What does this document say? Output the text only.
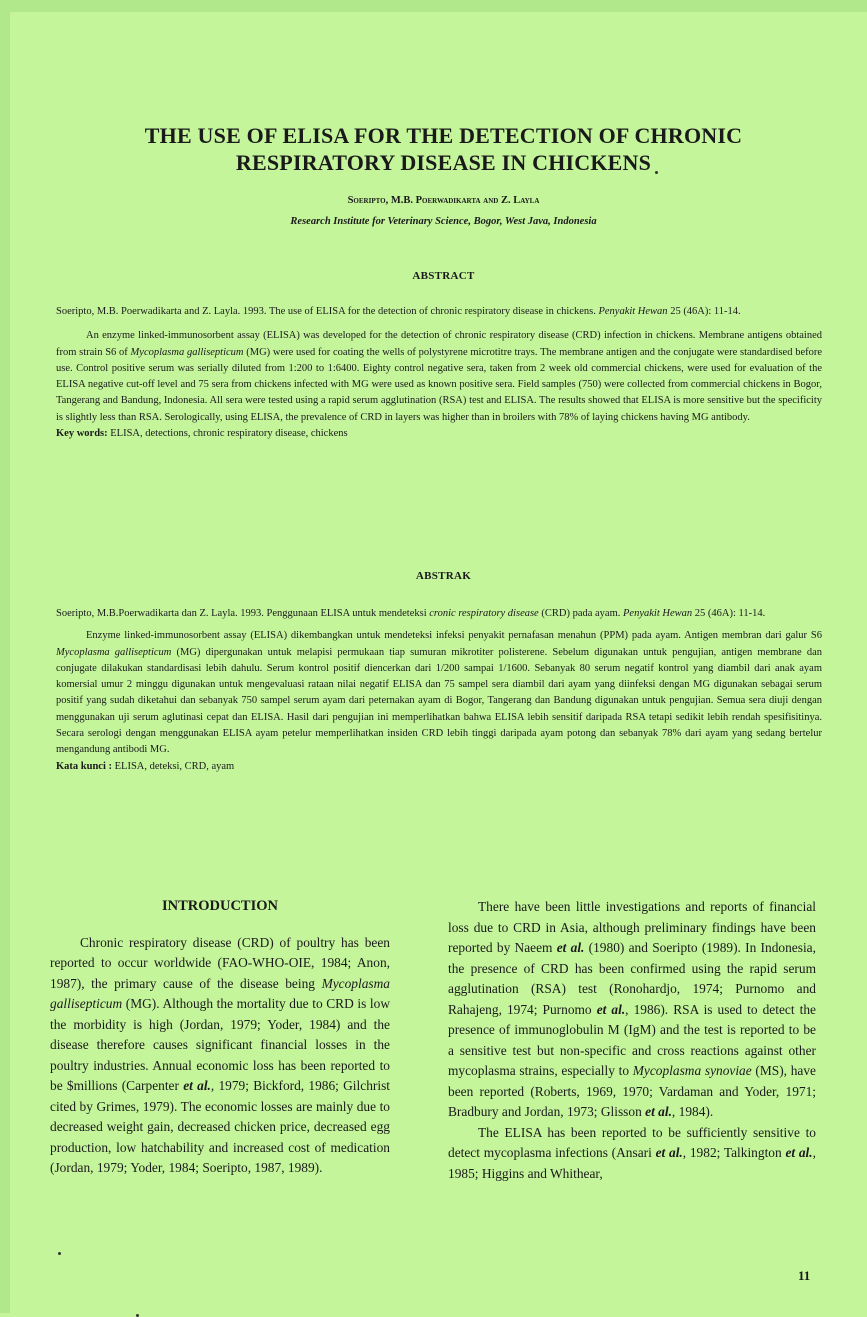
THE USE OF ELISA FOR THE DETECTION OF CHRONIC
RESPIRATORY DISEASE IN CHICKENS
Soeripto, M.B. Poerwadikarta and Z. Layla
Research Institute for Veterinary Science, Bogor, West Java, Indonesia
ABSTRACT

Soeripto, M.B. Poerwadikarta and Z. Layla. 1993. The use of ELISA for the detection of chronic respiratory disease in chickens. Penyakit Hewan 25 (46A): 11-14.

An enzyme linked-immunosorbent assay (ELISA) was developed for the detection of chronic respiratory disease (CRD) infection in chickens. Membrane antigens obtained from strain S6 of Mycoplasma gallisepticum (MG) were used for coating the wells of polystyrene microtitre trays. The membrane antigen and the conjugate were standardised before use. Control positive serum was serially diluted from 1:200 to 1:6400. Eighty control negative sera, taken from 2 week old commercial chickens, were used for evaluation of the ELISA negative cut-off level and 75 sera from chickens infected with MG were used as known positive sera. Field samples (750) were collected from commercial chickens in Bogor, Tangerang and Bandung, Indonesia. All sera were tested using a rapid serum agglutination (RSA) test and ELISA. The results showed that ELISA is more sensitive but the specificity is slightly less than RSA. Serologically, using ELISA, the prevalence of CRD in layers was higher than in broilers with 78% of laying chickens having MG antibody.

Key words: ELISA, detections, chronic respiratory disease, chickens

ABSTRAK

Soeripto, M.B.Poerwadikarta dan Z. Layla. 1993. Penggunaan ELISA untuk mendeteksi cronic respiratory disease (CRD) pada ayam. Penyakit Hewan 25 (46A): 11-14.

Enzyme linked-immunosorbent assay (ELISA) dikembangkan untuk mendeteksi infeksi penyakit pernafasan menahun (PPM) pada ayam. Antigen membran dari galur S6 Mycoplasma gallisepticum (MG) dipergunakan untuk melapisi permukaan tiap sumuran mikrotiter polisterene. Sebelum digunakan untuk pengujian, antigen membrane dan conjugate dilakukan standardisasi lebih dahulu. Serum kontrol positif diencerkan dari 1/200 sampai 1/1600. Sebanyak 80 serum negatif kontrol yang diambil dari anak ayam komersial umur 2 minggu digunakan untuk mengevaluasi rataan nilai negatif ELISA dan 75 sampel sera diambil dari ayam yang diinfeksi dengan MG digunakan sebagai serum positif yang sudah diketahui dan sebanyak 750 sampel serum ayam dari peternakan ayam di Bogor, Tangerang dan Bandung digunakan untuk pengujian. Semua sera diuji dengan menggunakan uji serum aglutinasi cepat dan ELISA. Hasil dari pengujian ini memperlihatkan bahwa ELISA lebih sensitif daripada RSA tetapi sedikit lebih rendah spesifisitinya. Secara serologi dengan menggunakan ELISA ayam petelur memperlihatkan insiden CRD lebih tinggi daripada ayam potong dan sebanyak 78% dari ayam yang sedang bertelur mengandung antibodi MG.

Kata kunci : ELISA, deteksi, CRD, ayam

INTRODUCTION

Chronic respiratory disease (CRD) of poultry has been reported to occur worldwide (FAO-WHO-OIE, 1984; Anon, 1987), the primary cause of the disease being Mycoplasma gallisepticum (MG). Although the mortality due to CRD is low the morbidity is high (Jordan, 1979; Yoder, 1984) and the disease therefore causes significant financial losses in the poultry industries. Annual economic loss has been reported to be $millions (Carpenter et al., 1979; Bickford, 1986; Gilchrist cited by Grimes, 1979). The economic losses are mainly due to decreased weight gain, decreased chicken price, decreased egg production, low hatchability and increased cost of medication (Jordan, 1979; Yoder, 1984; Soeripto, 1987, 1989).

There have been little investigations and reports of financial loss due to CRD in Asia, although preliminary findings have been reported by Naeem et al. (1980) and Soeripto (1989). In Indonesia, the presence of CRD has been confirmed using the rapid serum agglutination (RSA) test (Ronohardjo, 1974; Purnomo and Rahajeng, 1974; Purnomo et al., 1986). RSA is used to detect the presence of immunoglobulin M (IgM) and the test is reported to be a sensitive test but non-specific and cross reactions against other mycoplasma strains, especially to Mycoplasma synoviae (MS), have been reported (Roberts, 1969, 1970; Vardaman and Yoder, 1971; Bradbury and Jordan, 1973; Glisson et al., 1984).

The ELISA has been reported to be sufficiently sensitive to detect mycoplasma infections (Ansari et al., 1982; Talkington et al., 1985; Higgins and Whithear,

11
